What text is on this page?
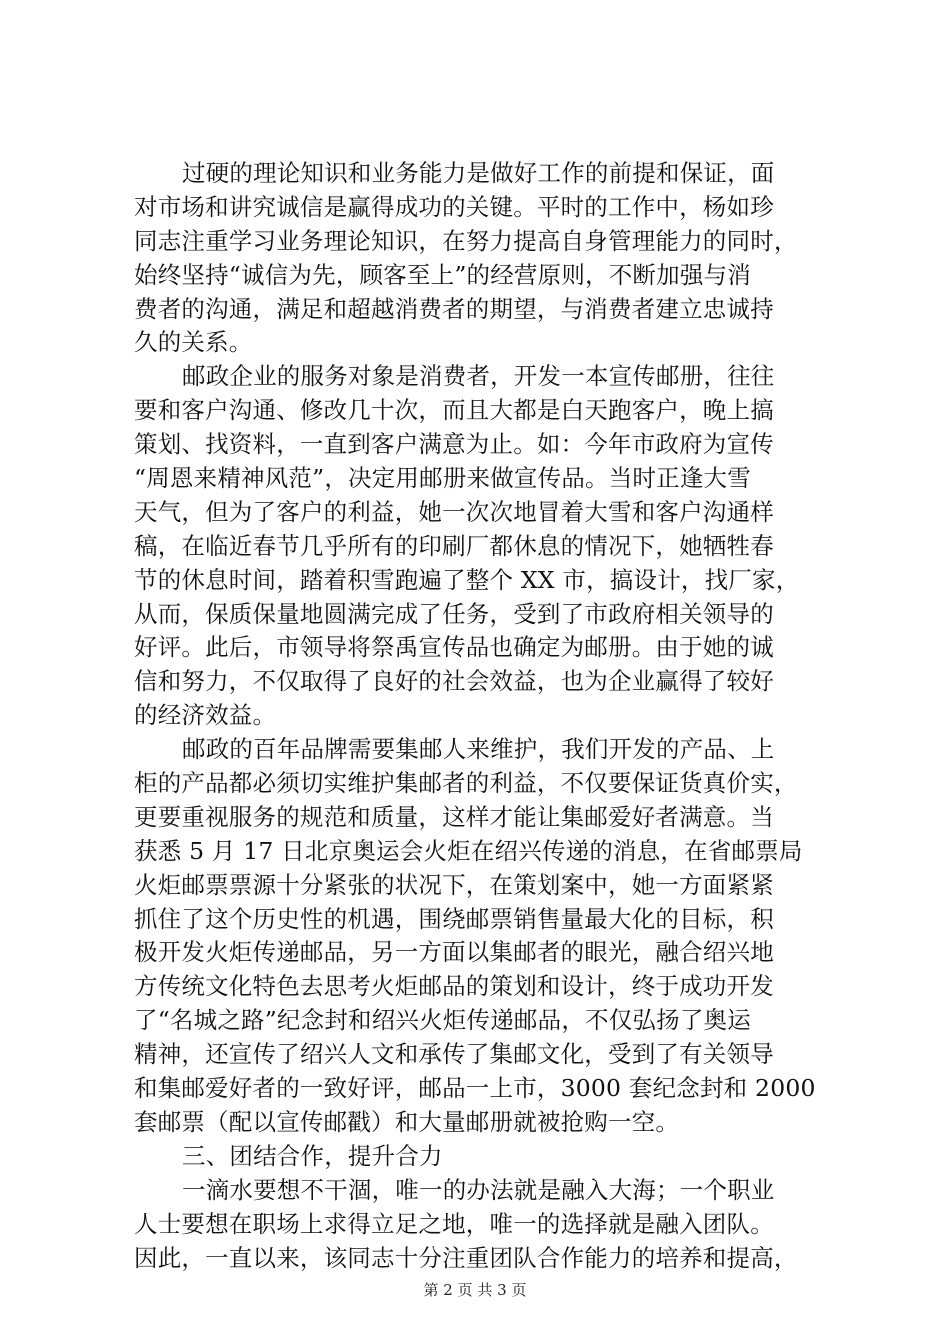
过硬的理论知识和业务能力是做好工作的前提和保证，面
对市场和讲究诚信是赢得成功的关键。平时的工作中，杨如珍
同志注重学习业务理论知识，在努力提高自身管理能力的同时，
始终坚持“诚信为先，顾客至上”的经营原则，不断加强与消
费者的沟通，满足和超越消费者的期望，与消费者建立忠诚持
久的关系。
邮政企业的服务对象是消费者，开发一本宣传邮册，往往
要和客户沟通、修改几十次，而且大都是白天跑客户，晚上搞
策划、找资料，一直到客户满意为止。如：今年市政府为宣传
“周恩来精神风范”，决定用邮册来做宣传品。当时正逢大雪
天气，但为了客户的利益，她一次次地冒着大雪和客户沟通样
稿，在临近春节几乎所有的印刷厂都休息的情况下，她牺牲春
节的休息时间，踏着积雪跑遍了整个 XX 市，搞设计，找厂家，
从而，保质保量地圆满完成了任务，受到了市政府相关领导的
好评。此后，市领导将祭禹宣传品也确定为邮册。由于她的诚
信和努力，不仅取得了良好的社会效益，也为企业赢得了较好
的经济效益。
邮政的百年品牌需要集邮人来维护，我们开发的产品、上
柜的产品都必须切实维护集邮者的利益，不仅要保证货真价实，
更要重视服务的规范和质量，这样才能让集邮爱好者满意。当
获悉 5 月 17 日北京奥运会火炬在绍兴传递的消息，在省邮票局
火炬邮票票源十分紧张的状况下，在策划案中，她一方面紧紧
抓住了这个历史性的机遇，围绕邮票销售量最大化的目标，积
极开发火炬传递邮品，另一方面以集邮者的眼光，融合绍兴地
方传统文化特色去思考火炬邮品的策划和设计，终于成功开发
了“名城之路”纪念封和绍兴火炬传递邮品，不仅弘扬了奥运
精神，还宣传了绍兴人文和承传了集邮文化，受到了有关领导
和集邮爱好者的一致好评，邮品一上市，3000 套纪念封和 2000
套邮票（配以宣传邮戳）和大量邮册就被抢购一空。
三、团结合作，提升合力
一滴水要想不干涸，唯一的办法就是融入大海；一个职业
人士要想在职场上求得立足之地，唯一的选择就是融入团队。
因此，一直以来，该同志十分注重团队合作能力的培养和提高，
第 2 页 共 3 页
